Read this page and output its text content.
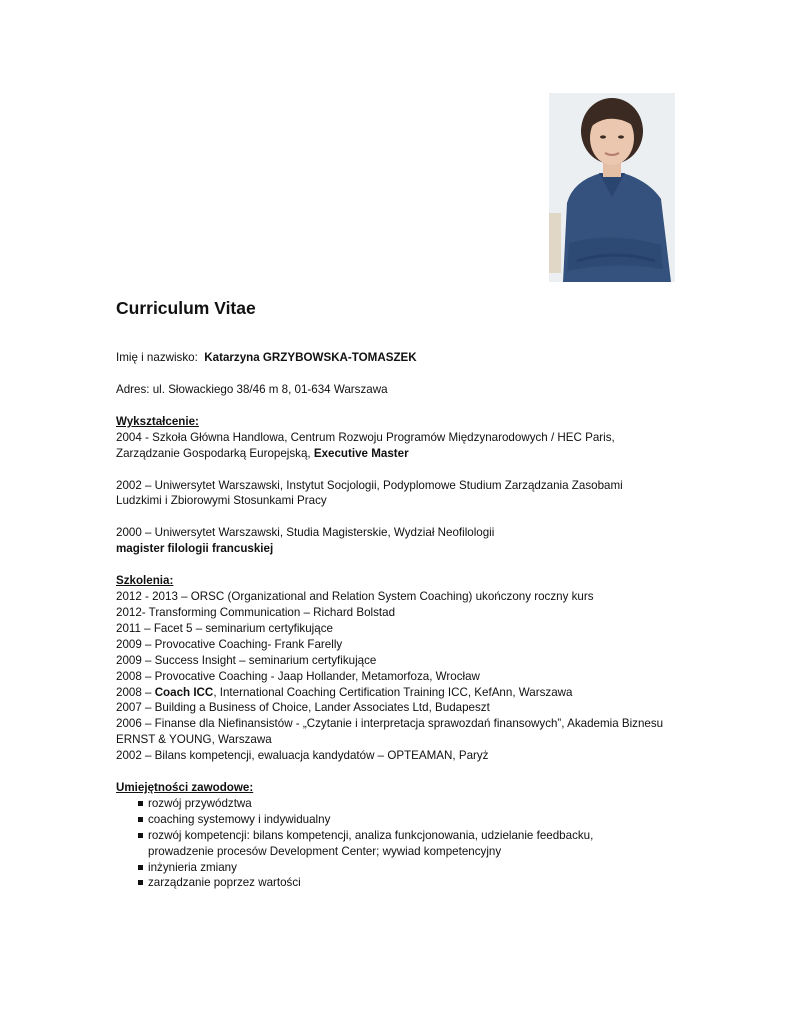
Curriculum Vitae
Imię i nazwisko: Katarzyna GRZYBOWSKA-TOMASZEK
Adres: ul. Słowackiego 38/46 m 8, 01-634 Warszawa
Wykształcenie:
2004 - Szkoła Główna Handlowa, Centrum Rozwoju Programów Międzynarodowych / HEC Paris,
Zarządzanie Gospodarką Europejską, Executive Master
2002 – Uniwersytet Warszawski, Instytut Socjologii, Podyplomowe Studium Zarządzania Zasobami
Ludzkimi i Zbiorowymi Stosunkami Pracy
2000 – Uniwersytet Warszawski, Studia Magisterskie, Wydział Neofilologii
magister filologii francuskiej
Szkolenia:
2012 - 2013 – ORSC (Organizational and Relation System Coaching) ukończony roczny kurs
2012- Transforming Communication – Richard Bolstad
2011 – Facet 5 – seminarium certyfikujące
2009 – Provocative Coaching- Frank Farelly
2009 – Success Insight – seminarium certyfikujące
2008 – Provocative Coaching - Jaap Hollander, Metamorfoza, Wrocław
2008 – Coach ICC, International Coaching Certification Training ICC, KefAnn, Warszawa
2007 – Building a Business of Choice, Lander Associates Ltd, Budapeszt
2006 – Finanse dla Niefinansistów - „Czytanie i interpretacja sprawozdań finansowych”, Akademia Biznesu
ERNST & YOUNG, Warszawa
2002 – Bilans kompetencji, ewaluacja kandydatów – OPTEAMAN, Paryż
Umiejętności zawodowe:
rozwój przywództwa
coaching systemowy i indywidualny
rozwój kompetencji: bilans kompetencji, analiza funkcjonowania, udzielanie feedbacku,
prowadzenie procesów Development Center; wywiad kompetencyjny
inżynieria zmiany
zarządzanie poprzez wartości
